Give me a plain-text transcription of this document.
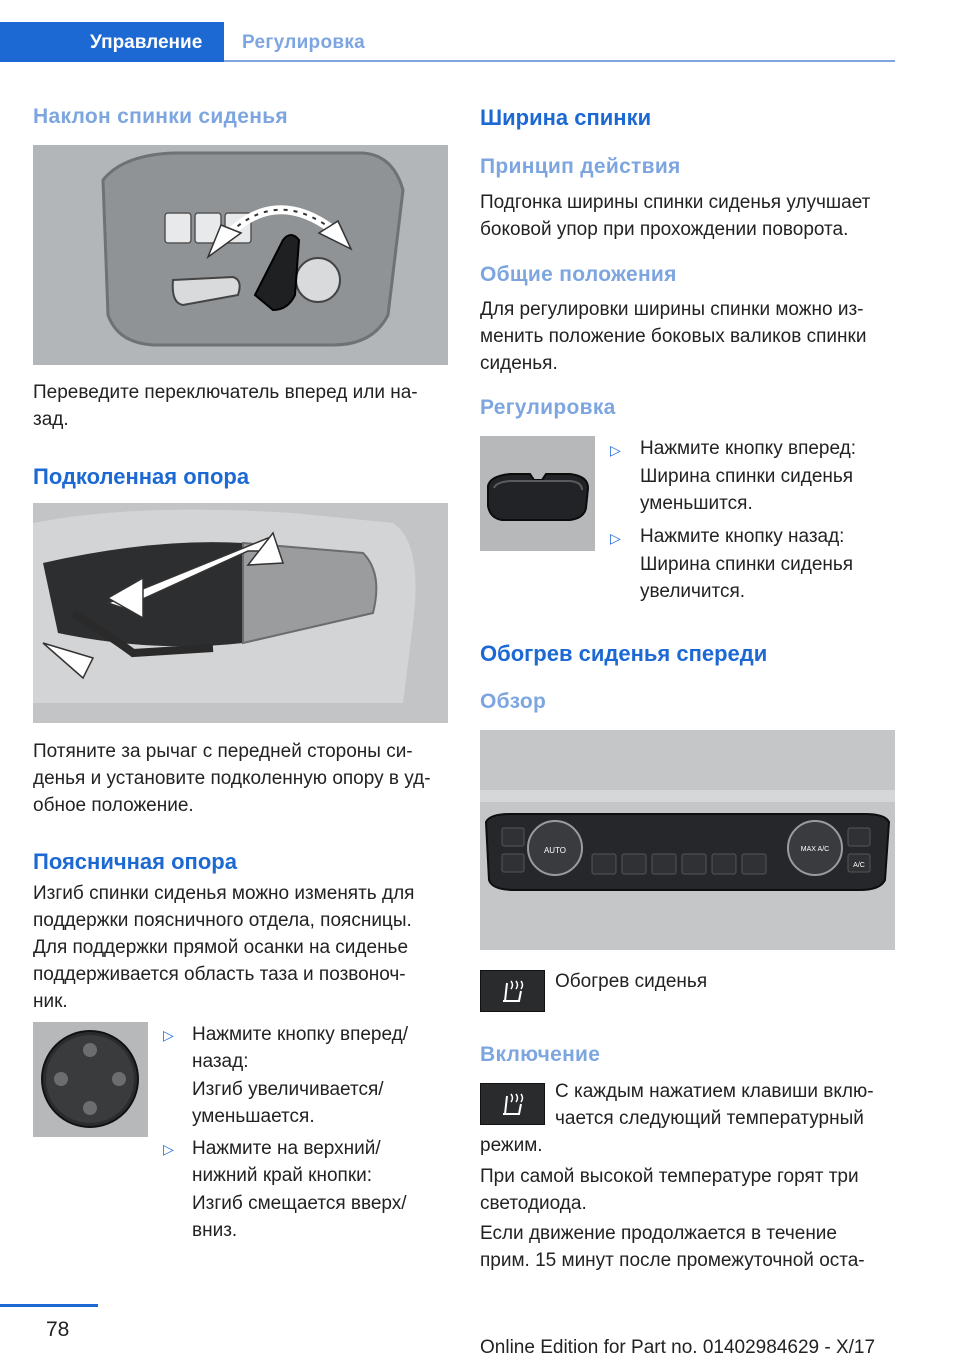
Управление Регулировка
Наклон спинки сиденья
Переведите переключатель вперед или на-
зад.
Подколенная опора
Потяните за рычаг с передней стороны си-
денья и установите подколенную опору в уд-
обное положение.
Поясничная опора
Изгиб спинки сиденья можно изменять для
поддержки поясничного отдела, поясницы.
Для поддержки прямой осанки на сиденье
поддерживается область таза и позвоноч-
ник.
▷ Нажмите кнопку вперед/
назад:
Изгиб увеличивается/
уменьшается.
▷ Нажмите на верхний/
нижний край кнопки:
Изгиб смещается вверх/
вниз.
Ширина спинки
Принцип действия
Подгонка ширины спинки сиденья улучшает
боковой упор при прохождении поворота.
Общие положения
Для регулировки ширины спинки можно из-
менить положение боковых валиков спинки
сиденья.
Регулировка
▷ Нажмите кнопку вперед:
Ширина спинки сиденья
уменьшится.
▷ Нажмите кнопку назад:
Ширина спинки сиденья
увеличится.
Обогрев сиденья спереди
Обзор
AUTO	MAX A/C
A/C
Обогрев сиденья
Включение
С каждым нажатием клавиши вклю-
чается следующий температурный
режим.
При самой высокой температуре горят три
светодиода.
Если движение продолжается в течение
прим. 15 минут после промежуточной оста-
78
Online Edition for Part no. 01402984629 - X/17
